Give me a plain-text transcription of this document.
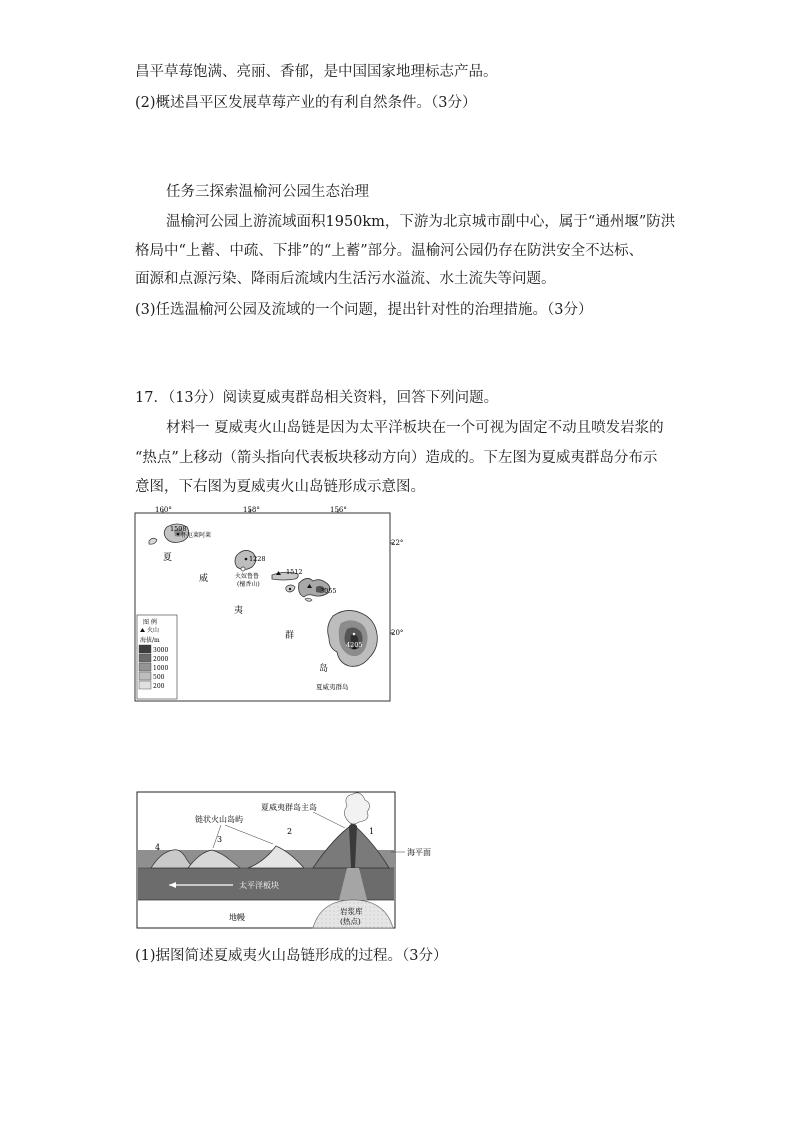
昌平草莓饱满、亮丽、香郁，是中国国家地理标志产品。
(2)概述昌平区发展草莓产业的有利自然条件。（3分）
任务三探索温榆河公园生态治理
温榆河公园上游流域面积1950km，下游为北京城市副中心，属于“通州堰”防洪
格局中“上蓄、中疏、下排”的“上蓄”部分。温榆河公园仍存在防洪安全不达标、
面源和点源污染、降雨后流域内生活污水溢流、水土流失等问题。
(3)任选温榆河公园及流域的一个问题，提出针对性的治理措施。（3分）
17．（13分）阅读夏威夷群岛相关资料，回答下列问题。
材料一 夏威夷火山岛链是因为太平洋板块在一个可视为固定不动且喷发岩浆的
“热点”上移动（箭头指向代表板块移动方向）造成的。下左图为夏威夷群岛分布示
意图，下右图为夏威夷火山岛链形成示意图。
160°	158°	156°
22°
20°
1598
怀厄莱阿莱
1228
火奴鲁鲁
(檀香山)
1512
3055
4205
夏威夷群岛
夏
威
夷
群
岛
图 例
火山
海拔/m
3000
2000
1000
500
200
夏威夷群岛主岛
链状火山岛屿
海平面
太平洋板块
地幔
岩浆库
(热点)
1
2
3
4
(1)据图简述夏威夷火山岛链形成的过程。（3分）
